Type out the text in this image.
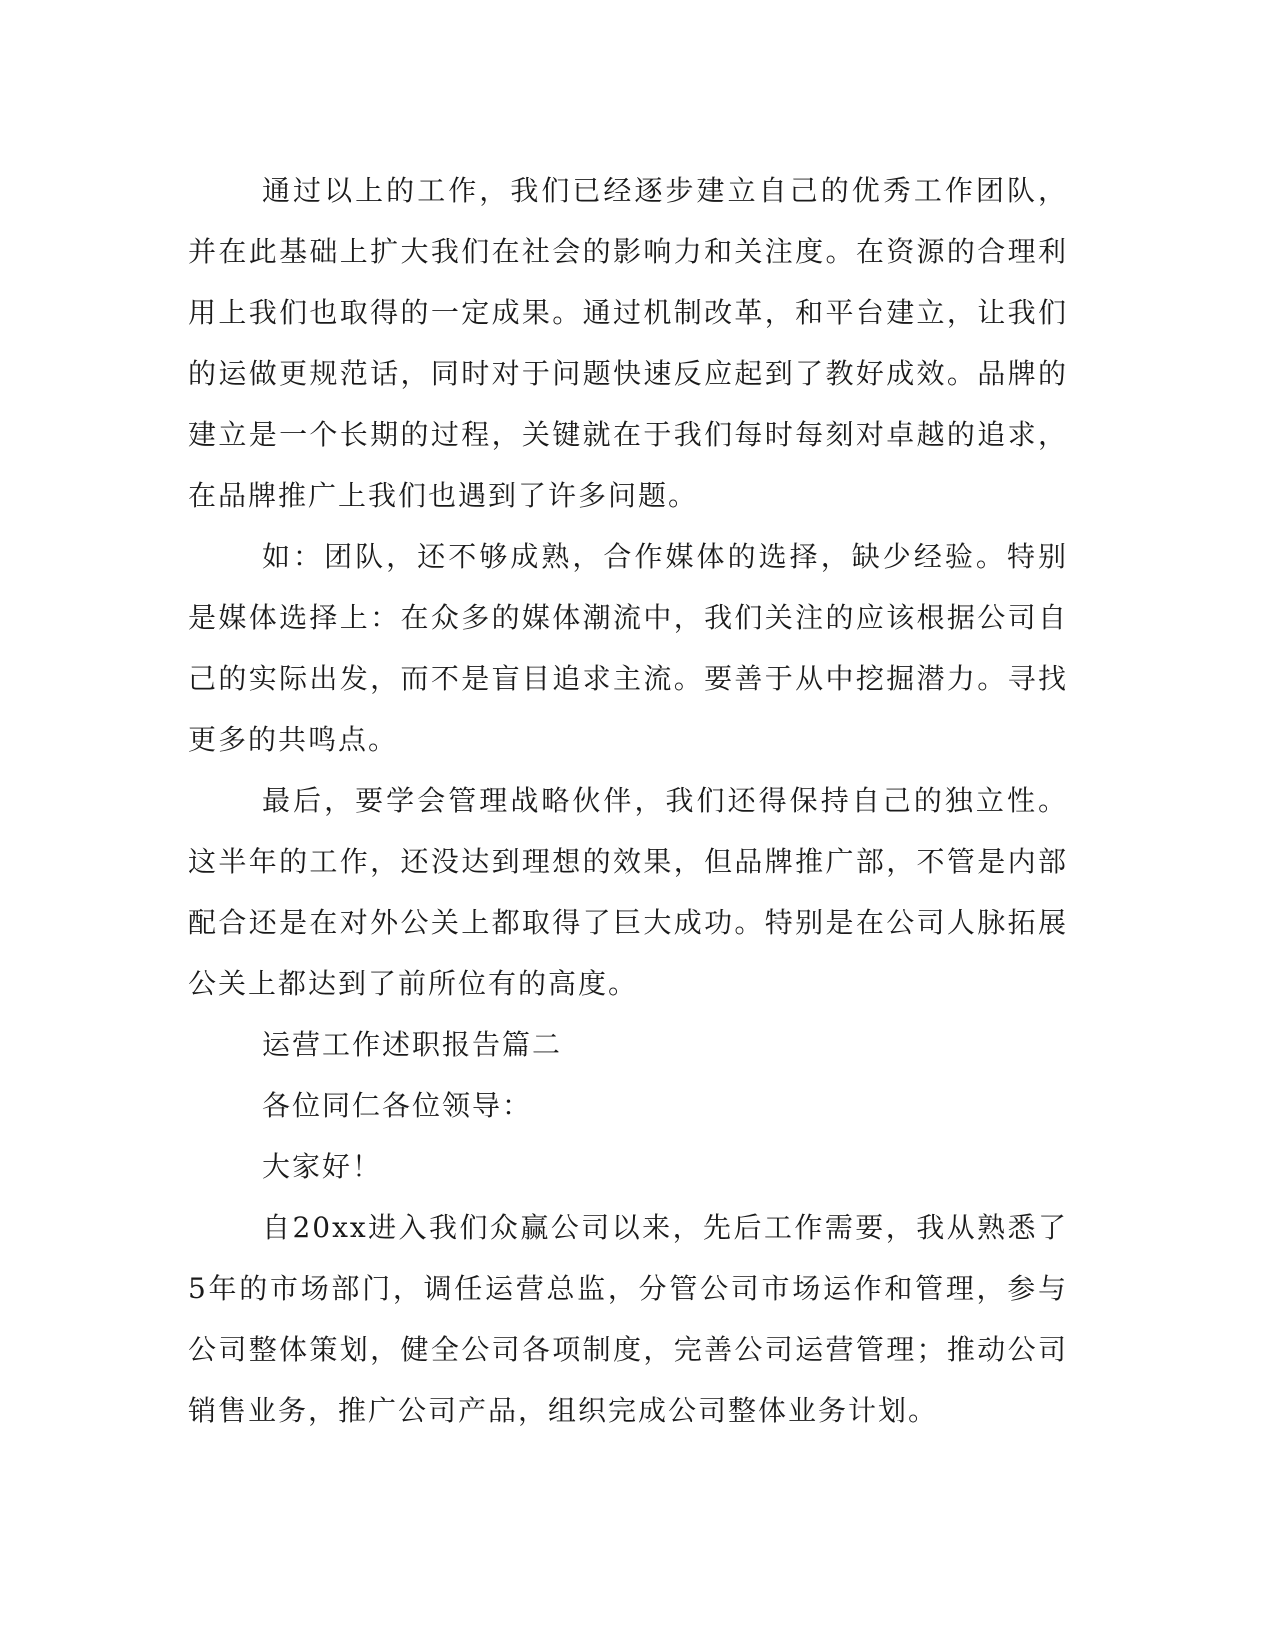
通过以上的工作，我们已经逐步建立自己的优秀工作团队，并在此基础上扩大我们在社会的影响力和关注度。在资源的合理利用上我们也取得的一定成果。通过机制改革，和平台建立，让我们的运做更规范话，同时对于问题快速反应起到了教好成效。品牌的建立是一个长期的过程，关键就在于我们每时每刻对卓越的追求，在品牌推广上我们也遇到了许多问题。

如：团队，还不够成熟，合作媒体的选择，缺少经验。特别是媒体选择上：在众多的媒体潮流中，我们关注的应该根据公司自己的实际出发，而不是盲目追求主流。要善于从中挖掘潜力。寻找更多的共鸣点。

最后，要学会管理战略伙伴，我们还得保持自己的独立性。这半年的工作，还没达到理想的效果，但品牌推广部，不管是内部配合还是在对外公关上都取得了巨大成功。特别是在公司人脉拓展公关上都达到了前所位有的高度。

运营工作述职报告篇二

各位同仁各位领导：

大家好！

自20xx进入我们众赢公司以来，先后工作需要，我从熟悉了5年的市场部门，调任运营总监，分管公司市场运作和管理，参与公司整体策划，健全公司各项制度，完善公司运营管理；推动公司销售业务，推广公司产品，组织完成公司整体业务计划。
